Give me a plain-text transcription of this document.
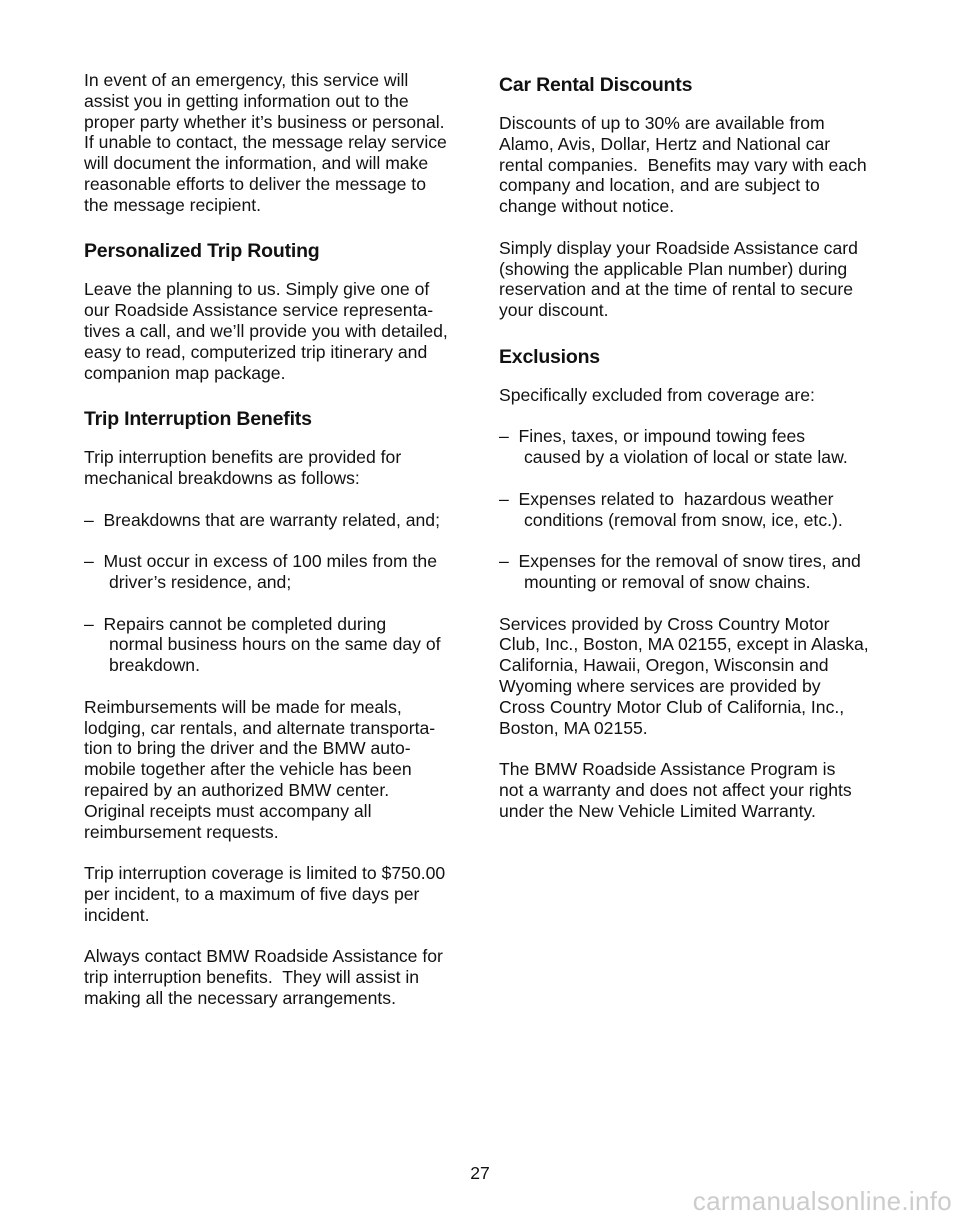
In event of an emergency, this service will
assist you in getting information out to the
proper party whether it’s business or personal.
If unable to contact, the message relay service
will document the information, and will make
reasonable efforts to deliver the message to
the message recipient.
Personalized Trip Routing
Leave the planning to us. Simply give one of
our Roadside Assistance service representa-
tives a call, and we’ll provide you with detailed,
easy to read, computerized trip itinerary and
companion map package.
Trip Interruption Benefits
Trip interruption benefits are provided for
mechanical breakdowns as follows:
–  Breakdowns that are warranty related, and;
–  Must occur in excess of 100 miles from the
driver’s residence, and;
–  Repairs cannot be completed during
normal business hours on the same day of
breakdown.
Reimbursements will be made for meals,
lodging, car rentals, and alternate transporta-
tion to bring the driver and the BMW auto-
mobile together after the vehicle has been
repaired by an authorized BMW center.
Original receipts must accompany all
reimbursement requests.
Trip interruption coverage is limited to $750.00
per incident, to a maximum of five days per
incident.
Always contact BMW Roadside Assistance for
trip interruption benefits.  They will assist in
making all the necessary arrangements.
Car Rental Discounts
Discounts of up to 30% are available from
Alamo, Avis, Dollar, Hertz and National car
rental companies.  Benefits may vary with each
company and location, and are subject to
change without notice.
Simply display your Roadside Assistance card
(showing the applicable Plan number) during
reservation and at the time of rental to secure
your discount.
Exclusions
Specifically excluded from coverage are:
–  Fines, taxes, or impound towing fees
caused by a violation of local or state law.
–  Expenses related to  hazardous weather
conditions (removal from snow, ice, etc.).
–  Expenses for the removal of snow tires, and
mounting or removal of snow chains.
Services provided by Cross Country Motor
Club, Inc., Boston, MA 02155, except in Alaska,
California, Hawaii, Oregon, Wisconsin and
Wyoming where services are provided by
Cross Country Motor Club of California, Inc.,
Boston, MA 02155.
The BMW Roadside Assistance Program is
not a warranty and does not affect your rights
under the New Vehicle Limited Warranty.
27
carmanualsonline.info
